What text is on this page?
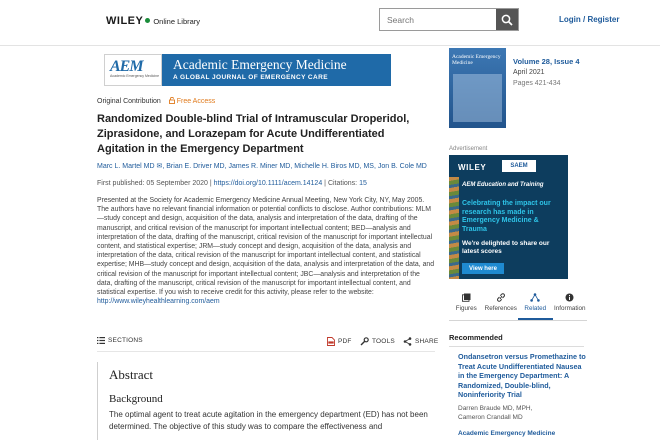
WILEY Online Library
Search	Login / Register
AEM
Academic Emergency Medicine
Academic Emergency Medicine
A GLOBAL JOURNAL OF EMERGENCY CARE
Original Contribution Free Access
Randomized Double-blind Trial of Intramuscular Droperidol, Ziprasidone, and Lorazepam for Acute Undifferentiated Agitation in the Emergency Department
Marc L. Martel MD ✉, Brian E. Driver MD, James R. Miner MD, Michelle H. Biros MD, MS, Jon B. Cole MD
First published: 05 September 2020 | https://doi.org/10.1111/acem.14124 | Citations: 15
Presented at the Society for Academic Emergency Medicine Annual Meeting, New York City, NY, May 2005. The authors have no relevant financial information or potential conflicts to disclose. Author contributions: MLM—study concept and design, acquisition of the data, analysis and interpretation of the data, drafting of the manuscript, and critical revision of the manuscript for important intellectual content; BED—analysis and interpretation of the data, drafting of the manuscript, critical revision of the manuscript for important intellectual content, and statistical expertise; JRM—study concept and design, acquisition of the data, analysis and interpretation of the data, critical revision of the manuscript for important intellectual content, and statistical expertise; MHB—study concept and design, acquisition of the data, analysis and interpretation of the data, and critical revision of the manuscript for important intellectual content; JBC—analysis and interpretation of the data, drafting of the manuscript, critical revision of the manuscript for important intellectual content, and statistical expertise. If you wish to receive credit for this activity, please refer to the website:
http://www.wileyhealthlearning.com/aem
SECTIONS	PDF	TOOLS	SHARE
Abstract
Background

The optimal agent to treat acute agitation in the emergency department (ED) has not been determined. The objective of this study was to compare the effectiveness and

Academic Emergency Medicine	Volume 28, Issue 4
April 2021
Pages 421-434
Advertisement
WILEY	SAEM
AEM Education and Training
Celebrating the impact our research has made in Emergency Medicine & Trauma
We're delighted to share our latest scores
View here
Figures References Related Information
Recommended
Ondansetron versus Promethazine to Treat Acute Undifferentiated Nausea in the Emergency Department: A Randomized, Double-blind, Noninferiority Trial
Darren Braude MD, MPH,
Cameron Crandall MD
Academic Emergency Medicine
